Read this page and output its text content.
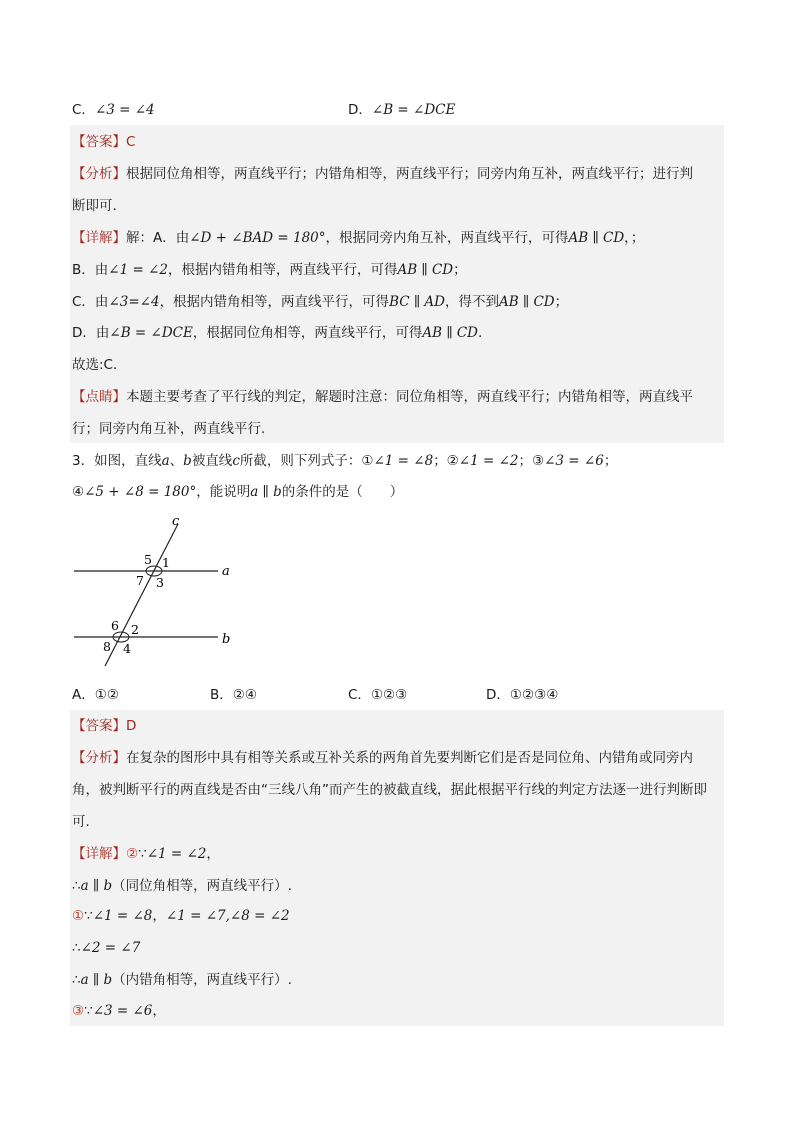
C．∠3 = ∠4	D．∠B = ∠DCE
【答案】C
【分析】根据同位角相等，两直线平行；内错角相等，两直线平行；同旁内角互补，两直线平行；进行判
断即可.
【详解】解：A．由∠D + ∠BAD = 180°，根据同旁内角互补，两直线平行，可得AB ∥ CD，；
B．由∠1 = ∠2，根据内错角相等，两直线平行，可得AB ∥ CD；
C．由∠3=∠4，根据内错角相等，两直线平行，可得BC ∥ AD，得不到AB ∥ CD；
D．由∠B = ∠DCE，根据同位角相等，两直线平行，可得AB ∥ CD.
故选:C．
【点睛】本题主要考查了平行线的判定，解题时注意：同位角相等，两直线平行；内错角相等，两直线平
行；同旁内角互补，两直线平行.
3．如图，直线a、b被直线c所截，则下列式子：①∠1 = ∠8；②∠1 = ∠2；③∠3 = ∠6；
④∠5 + ∠8 = 180°，能说明a ∥ b的条件的是（　　）
c
a
b
5 1
7 3
6 2
8 4
A．①②	B．②④	C．①②③	D．①②③④
【答案】D
【分析】在复杂的图形中具有相等关系或互补关系的两角首先要判断它们是否是同位角、内错角或同旁内
角，被判断平行的两直线是否由“三线八角”而产生的被截直线，据此根据平行线的判定方法逐一进行判断即
可.
【详解】②∵∠1 = ∠2，
∴a ∥ b（同位角相等，两直线平行）.
①∵∠1 = ∠8，∠1 = ∠7,∠8 = ∠2
∴∠2 = ∠7
∴a ∥ b（内错角相等，两直线平行）.
③∵∠3 = ∠6，
